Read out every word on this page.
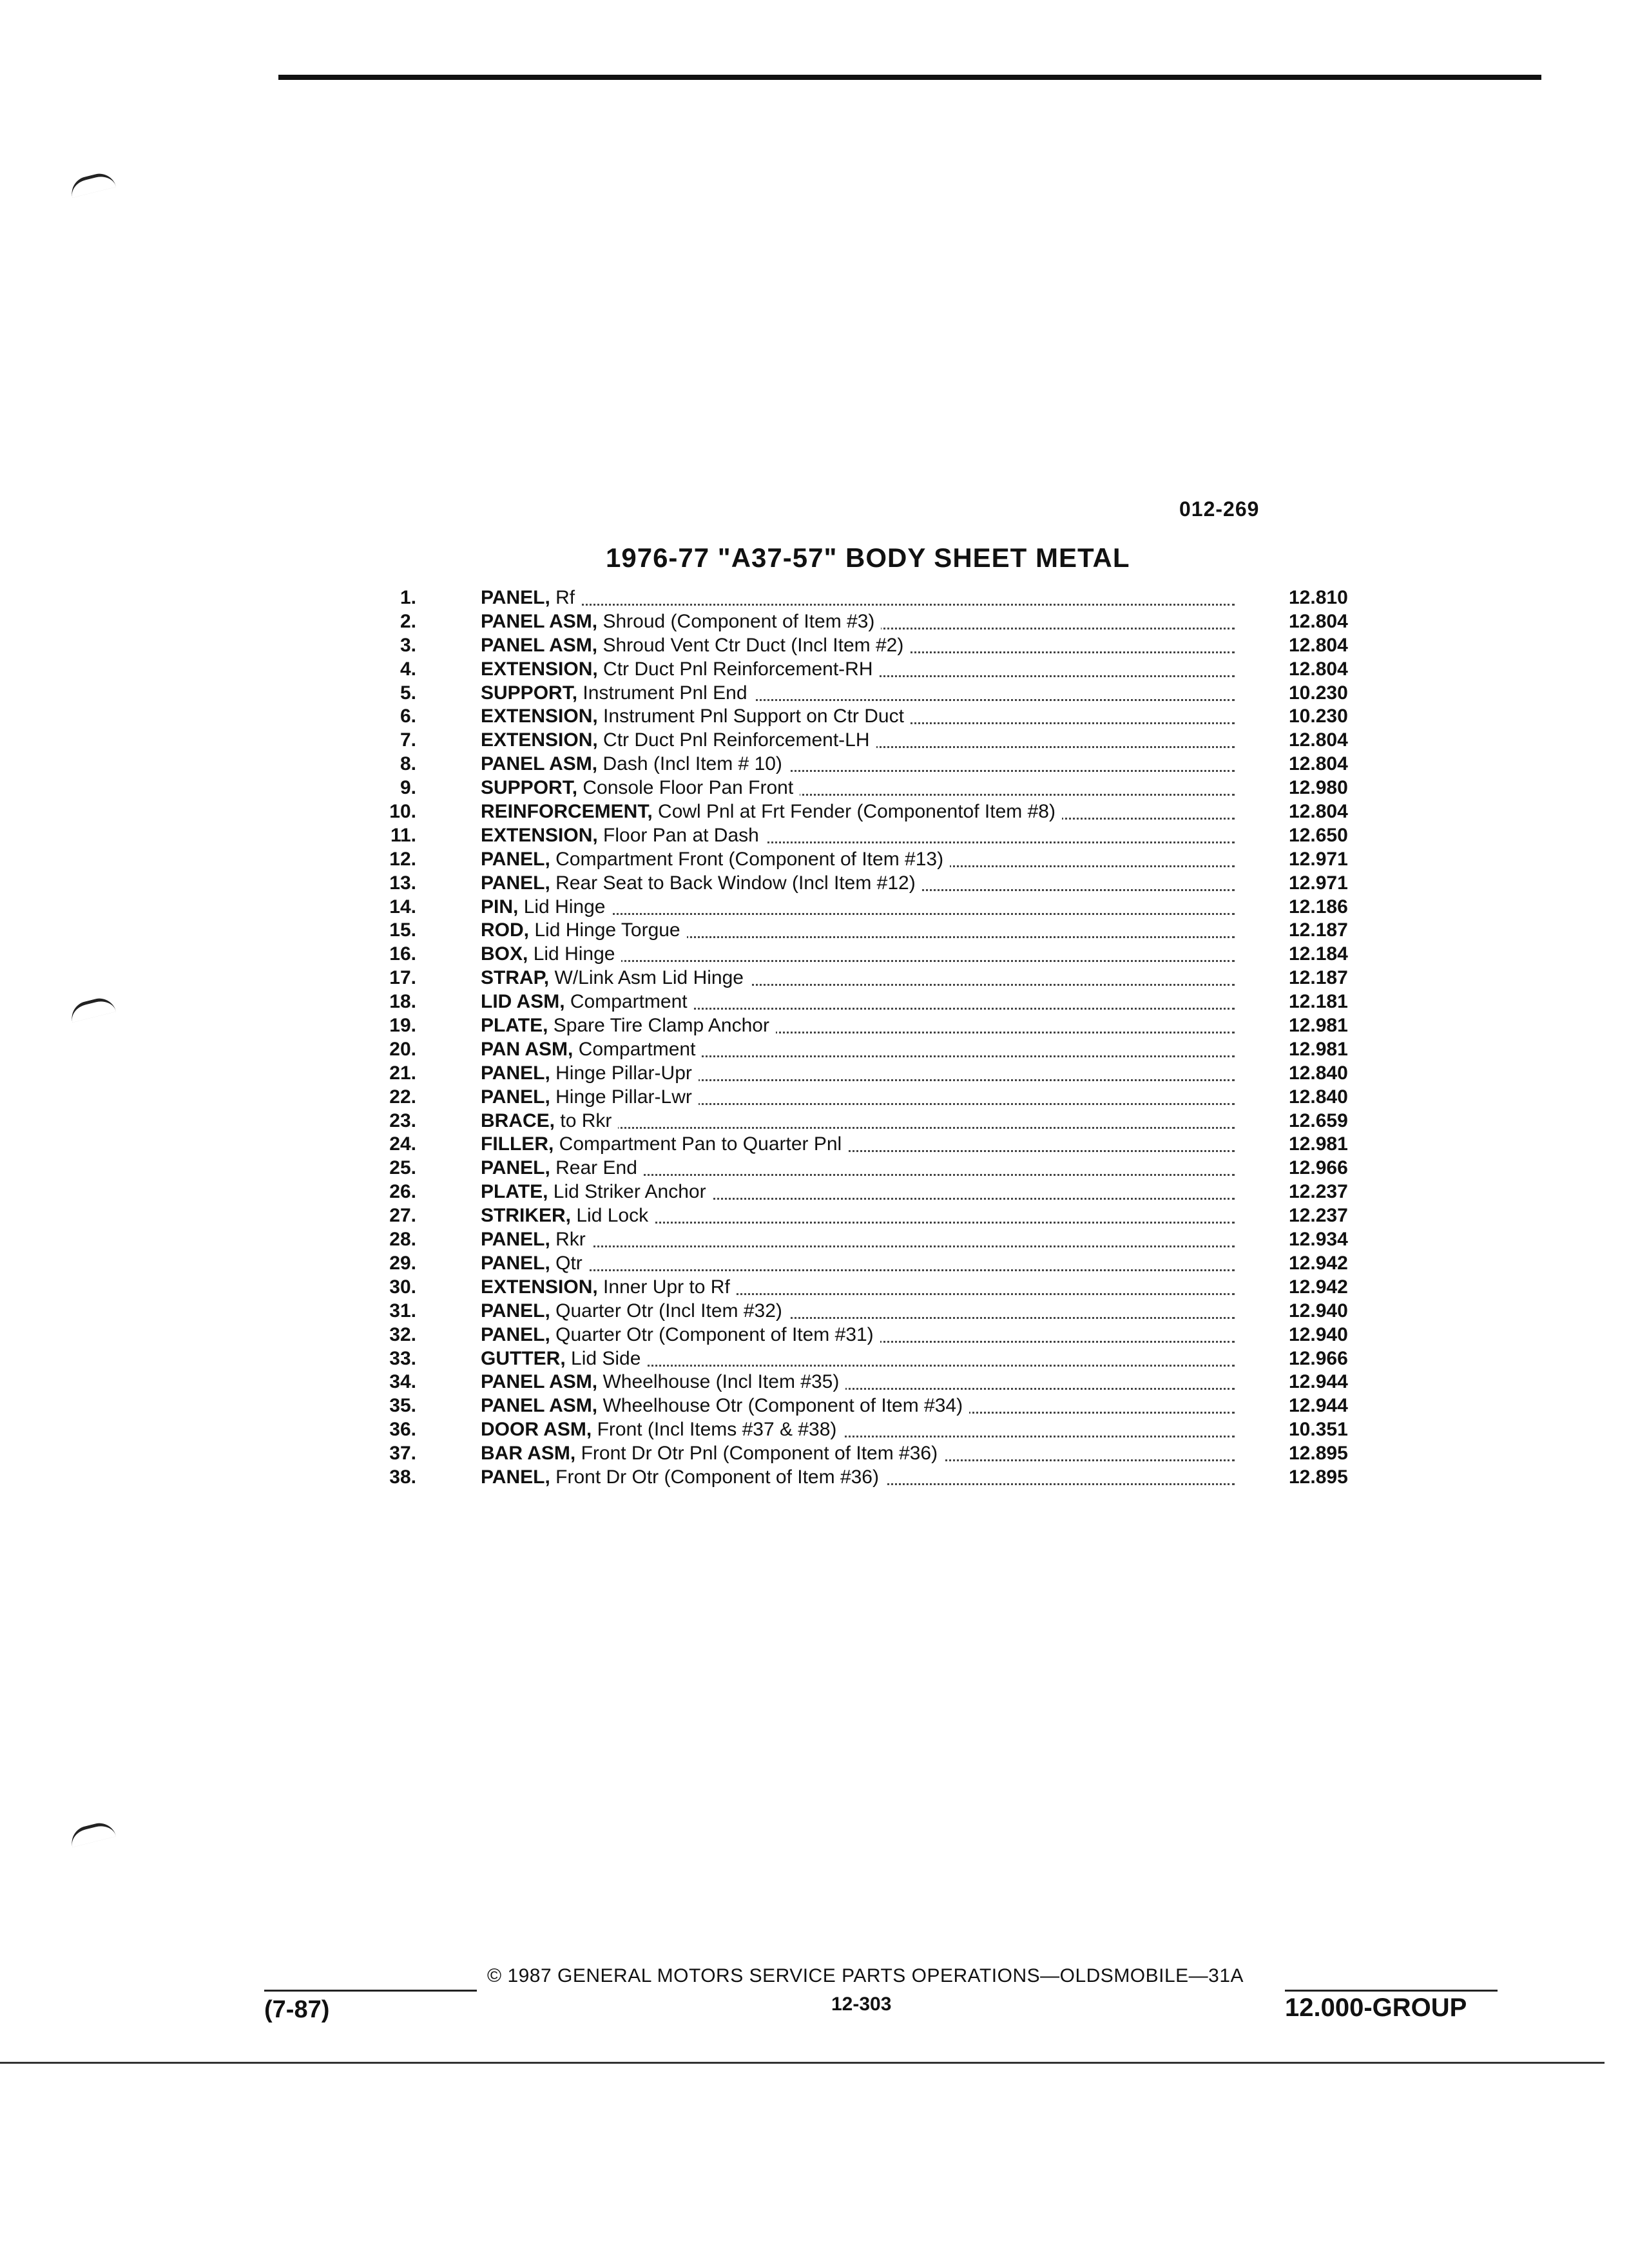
012-269
1976-77 "A37-57" BODY SHEET METAL
1.	PANEL, Rf	12.810
2.	PANEL ASM, Shroud (Component of Item #3)	12.804
3.	PANEL ASM, Shroud Vent Ctr Duct (Incl Item #2)	12.804
4.	EXTENSION, Ctr Duct Pnl Reinforcement-RH	12.804
5.	SUPPORT, Instrument Pnl End	10.230
6.	EXTENSION, Instrument Pnl Support on Ctr Duct	10.230
7.	EXTENSION, Ctr Duct Pnl Reinforcement-LH	12.804
8.	PANEL ASM, Dash (Incl Item # 10)	12.804
9.	SUPPORT, Console Floor Pan Front	12.980
10.	REINFORCEMENT, Cowl Pnl at Frt Fender (Componentof Item #8)	12.804
11.	EXTENSION, Floor Pan at Dash	12.650
12.	PANEL, Compartment Front (Component of Item #13)	12.971
13.	PANEL, Rear Seat to Back Window (Incl Item #12)	12.971
14.	PIN, Lid Hinge	12.186
15.	ROD, Lid Hinge Torgue	12.187
16.	BOX, Lid Hinge	12.184
17.	STRAP, W/Link Asm Lid Hinge	12.187
18.	LID ASM, Compartment	12.181
19.	PLATE, Spare Tire Clamp Anchor	12.981
20.	PAN ASM, Compartment	12.981
21.	PANEL, Hinge Pillar-Upr	12.840
22.	PANEL, Hinge Pillar-Lwr	12.840
23.	BRACE, to Rkr	12.659
24.	FILLER, Compartment Pan to Quarter Pnl	12.981
25.	PANEL, Rear End	12.966
26.	PLATE, Lid Striker Anchor	12.237
27.	STRIKER, Lid Lock	12.237
28.	PANEL, Rkr	12.934
29.	PANEL, Qtr	12.942
30.	EXTENSION, Inner Upr to Rf	12.942
31.	PANEL, Quarter Otr (Incl Item #32)	12.940
32.	PANEL, Quarter Otr (Component of Item #31)	12.940
33.	GUTTER, Lid Side	12.966
34.	PANEL ASM, Wheelhouse (Incl Item #35)	12.944
35.	PANEL ASM, Wheelhouse Otr (Component of Item #34)	12.944
36.	DOOR ASM, Front (Incl Items #37 & #38)	10.351
37.	BAR ASM, Front Dr Otr Pnl (Component of Item #36)	12.895
38.	PANEL, Front Dr Otr (Component of Item #36)	12.895
(7-87)
© 1987 GENERAL MOTORS SERVICE PARTS OPERATIONS—OLDSMOBILE—31A
12-303	12.000-GROUP
